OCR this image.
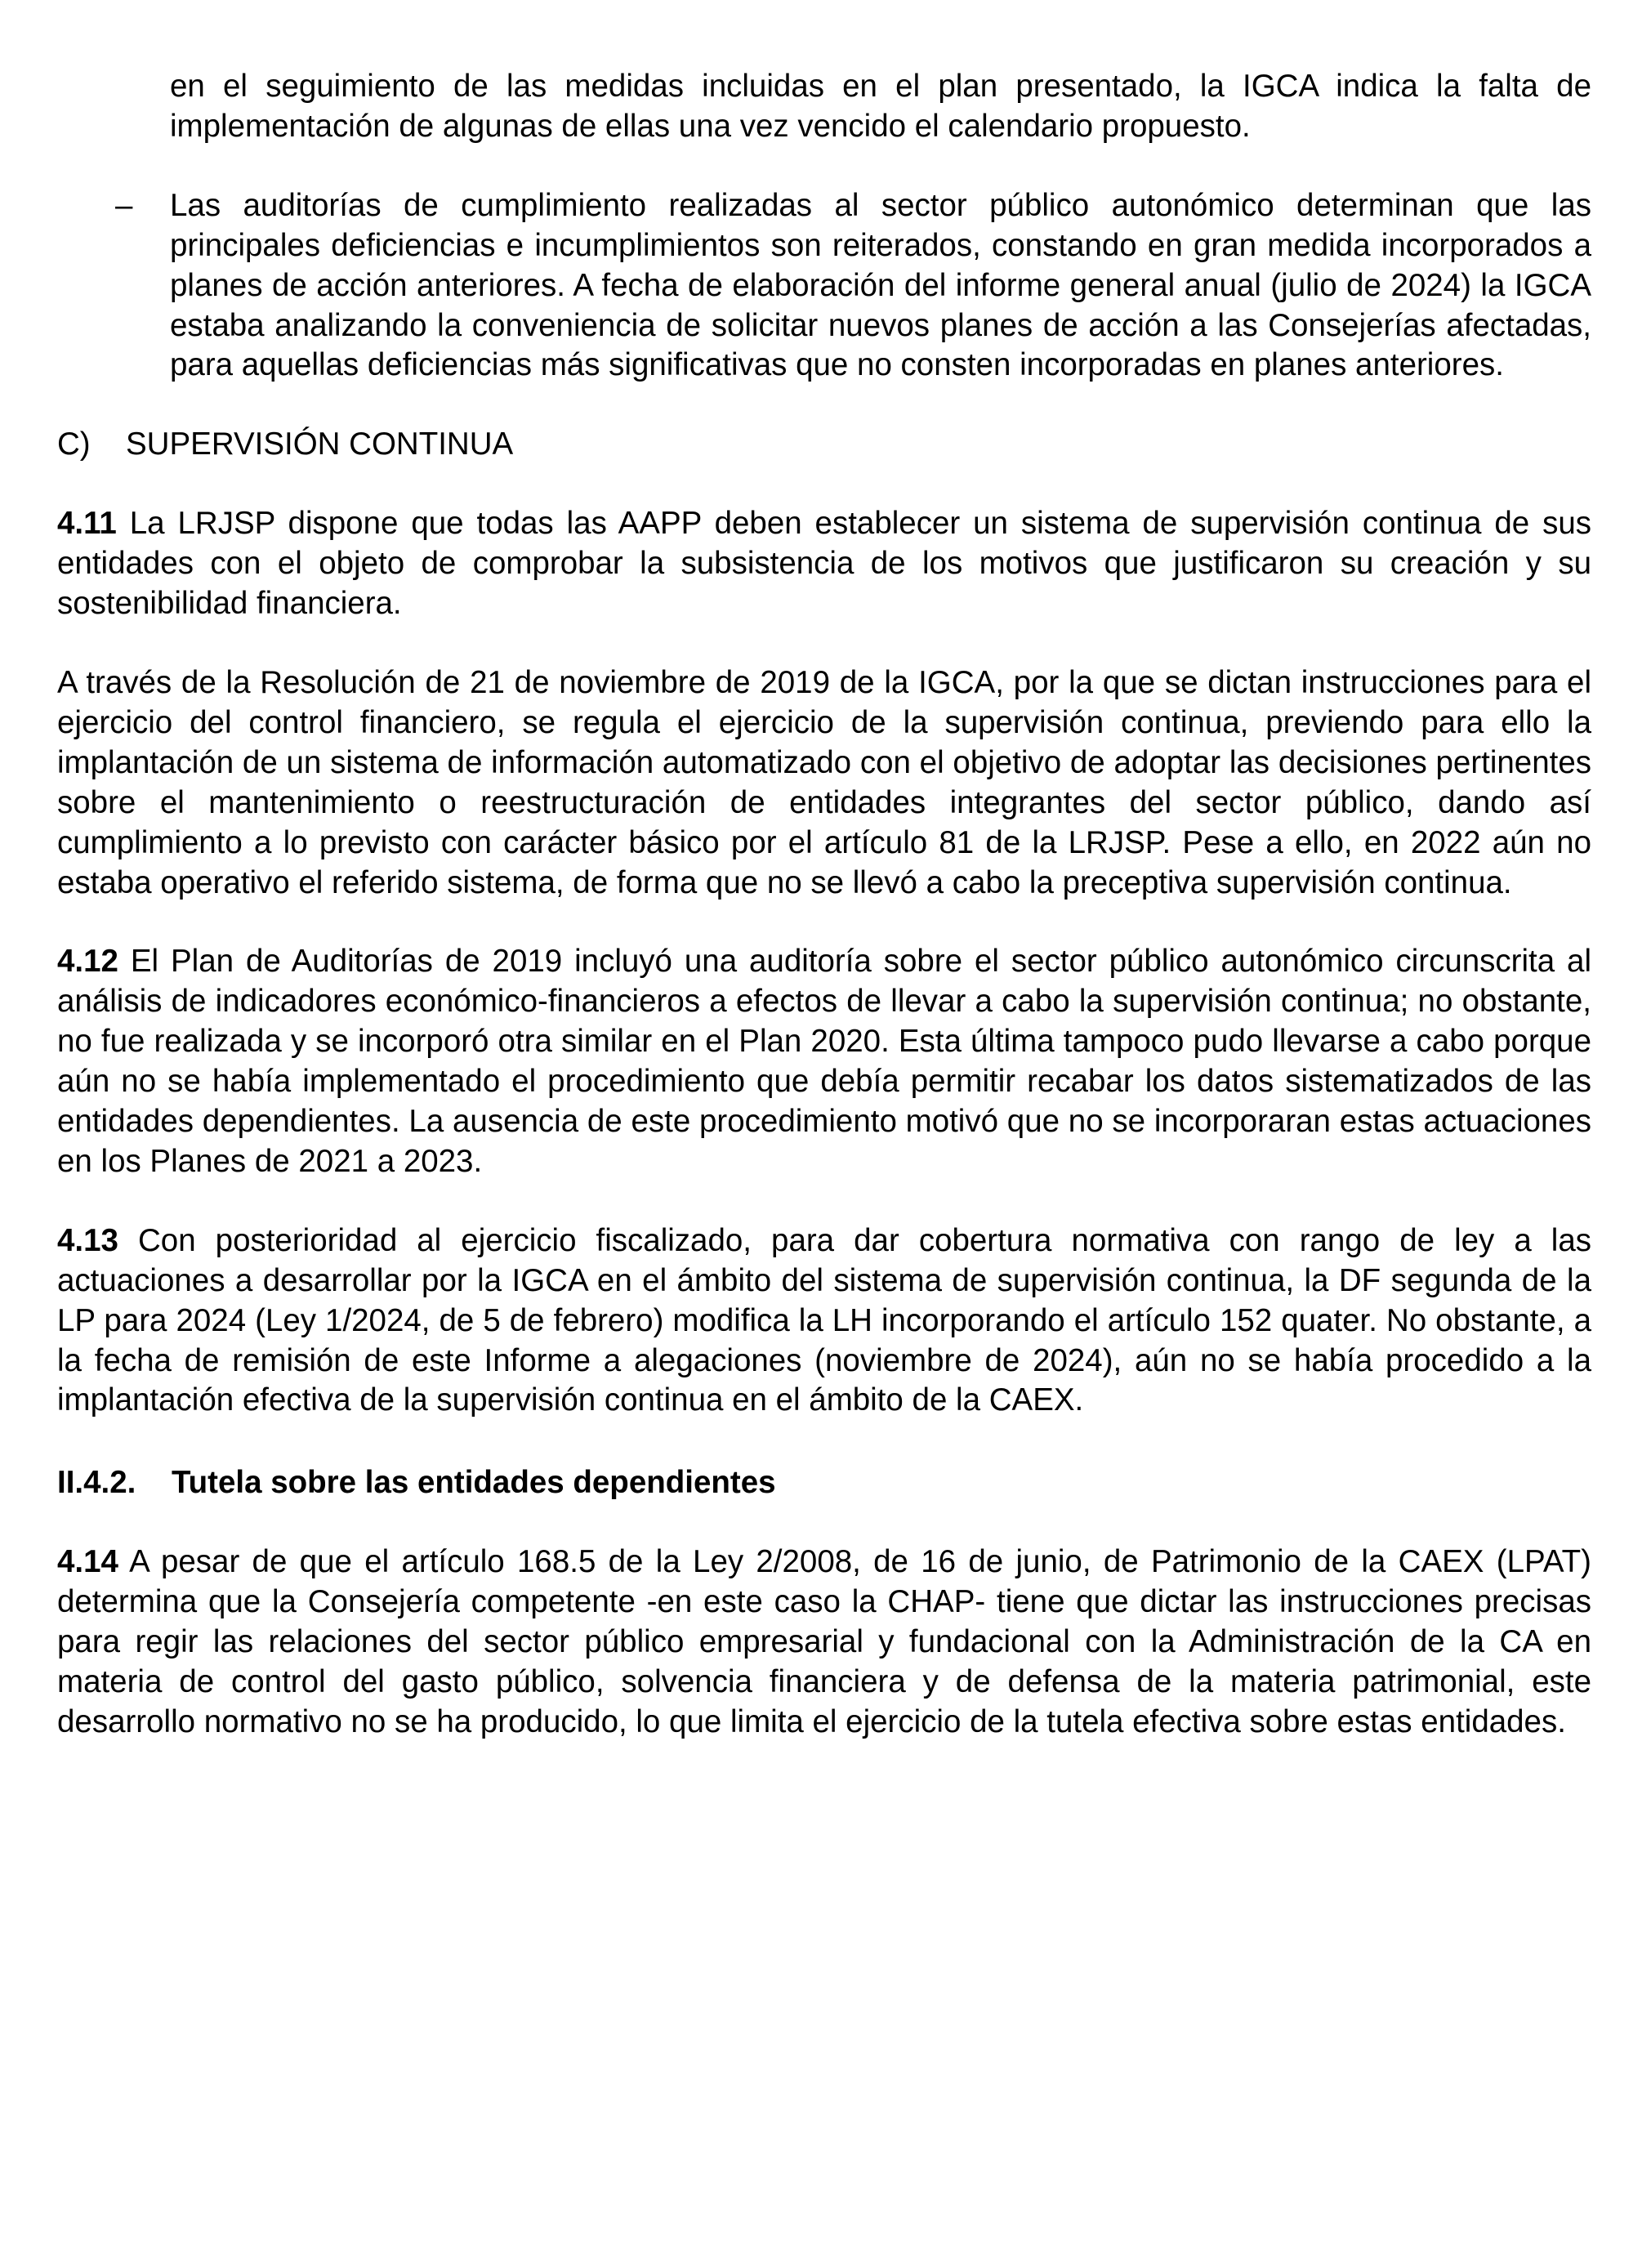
en el seguimiento de las medidas incluidas en el plan presentado, la IGCA indica la falta de implementación de algunas de ellas una vez vencido el calendario propuesto.

– Las auditorías de cumplimiento realizadas al sector público autonómico determinan que las principales deficiencias e incumplimientos son reiterados, constando en gran medida incorporados a planes de acción anteriores. A fecha de elaboración del informe general anual (julio de 2024) la IGCA estaba analizando la conveniencia de solicitar nuevos planes de acción a las Consejerías afectadas, para aquellas deficiencias más significativas que no consten incorporadas en planes anteriores.
C) SUPERVISIÓN CONTINUA

4.11 La LRJSP dispone que todas las AAPP deben establecer un sistema de supervisión continua de sus entidades con el objeto de comprobar la subsistencia de los motivos que justificaron su creación y su sostenibilidad financiera.

A través de la Resolución de 21 de noviembre de 2019 de la IGCA, por la que se dictan instrucciones para el ejercicio del control financiero, se regula el ejercicio de la supervisión continua, previendo para ello la implantación de un sistema de información automatizado con el objetivo de adoptar las decisiones pertinentes sobre el mantenimiento o reestructuración de entidades integrantes del sector público, dando así cumplimiento a lo previsto con carácter básico por el artículo 81 de la LRJSP. Pese a ello, en 2022 aún no estaba operativo el referido sistema, de forma que no se llevó a cabo la preceptiva supervisión continua.

4.12 El Plan de Auditorías de 2019 incluyó una auditoría sobre el sector público autonómico circunscrita al análisis de indicadores económico-financieros a efectos de llevar a cabo la supervisión continua; no obstante, no fue realizada y se incorporó otra similar en el Plan 2020. Esta última tampoco pudo llevarse a cabo porque aún no se había implementado el procedimiento que debía permitir recabar los datos sistematizados de las entidades dependientes. La ausencia de este procedimiento motivó que no se incorporaran estas actuaciones en los Planes de 2021 a 2023.

4.13 Con posterioridad al ejercicio fiscalizado, para dar cobertura normativa con rango de ley a las actuaciones a desarrollar por la IGCA en el ámbito del sistema de supervisión continua, la DF segunda de la LP para 2024 (Ley 1/2024, de 5 de febrero) modifica la LH incorporando el artículo 152 quater. No obstante, a la fecha de remisión de este Informe a alegaciones (noviembre de 2024), aún no se había procedido a la implantación efectiva de la supervisión continua en el ámbito de la CAEX.

II.4.2. Tutela sobre las entidades dependientes

4.14 A pesar de que el artículo 168.5 de la Ley 2/2008, de 16 de junio, de Patrimonio de la CAEX (LPAT) determina que la Consejería competente -en este caso la CHAP- tiene que dictar las instrucciones precisas para regir las relaciones del sector público empresarial y fundacional con la Administración de la CA en materia de control del gasto público, solvencia financiera y de defensa de la materia patrimonial, este desarrollo normativo no se ha producido, lo que limita el ejercicio de la tutela efectiva sobre estas entidades.
